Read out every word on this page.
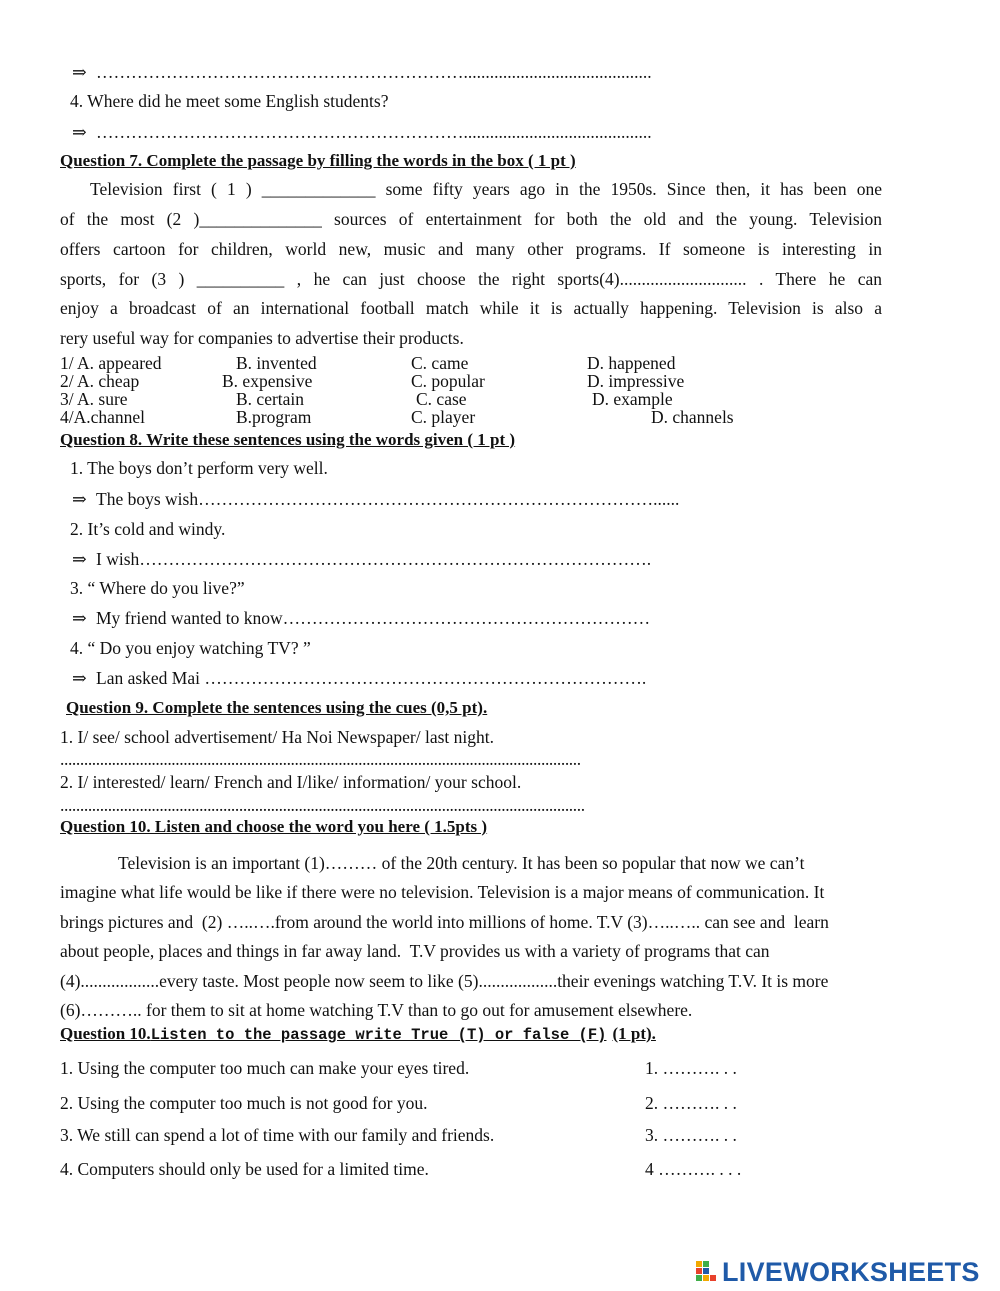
⇒ ………………………………………………………...........................................
4. Where did he meet some English students?
⇒ ………………………………………………………...........................................
Question 7. Complete the passage by filling the words in the box ( 1 pt )
Television first ( 1 ) _____________ some fifty years ago in the 1950s. Since then, it has been one
of the most (2 )______________ sources of entertainment for both the old and the young. Television
offers cartoon for children, world new, music and many other programs. If someone is interesting in
sports, for (3 ) __________ , he can just choose the right sports(4)............................. . There he can
enjoy a broadcast of an international football match while it is actually happening. Television is also a
rery useful way for companies to advertise their products.
1/ A. appeared	B. invented	C. came	D. happened
2/ A. cheap	B. expensive	C. popular	D. impressive
3/ A. sure	B. certain	C. case	D. example
4/A.channel	B.program	C. player	D. channels
Question 8. Write these sentences using the words given ( 1 pt )
1. The boys don’t perform very well.
⇒ The boys wish……………………………………………………………………......
2. It’s cold and windy.
⇒ I wish…………………………………………………………………………….
3. “ Where do you live?”
⇒ My friend wanted to know………………………………………………………
4. “ Do you enjoy watching TV? ”
⇒ Lan asked Mai ………………………………………………………………….
Question 9. Complete the sentences using the cues (0,5 pt).
1. I/ see/ school advertisement/ Ha Noi Newspaper/ last night.
...................................................................................................................................
2. I/ interested/ learn/ French and I/like/ information/ your school.
....................................................................................................................................
Question 10. Listen and choose the word you here ( 1.5pts )
Television is an important (1)……… of the 20th century. It has been so popular that now we can’t
imagine what life would be like if there were no television. Television is a major means of communication. It
brings pictures and  (2) …..….from around the world into millions of home. T.V (3)…..….. can see and  learn
about people, places and things in far away land.  T.V provides us with a variety of programs that can
(4)..................every taste. Most people now seem to like (5)..................their evenings watching T.V. It is more
(6)……….. for them to sit at home watching T.V than to go out for amusement elsewhere.
Question 10.Listen to the passage write True (T) or false (F) (1 pt).
1. Using the computer too much can make your eyes tired.	1. ………. . .
2. Using the computer too much is not good for you.	2. ………. . .
3. We still can spend a lot of time with our family and friends.	3. ………. . .
4. Computers should only be used for a limited time.	4 ………. . . .
LIVEWORKSHEETS
